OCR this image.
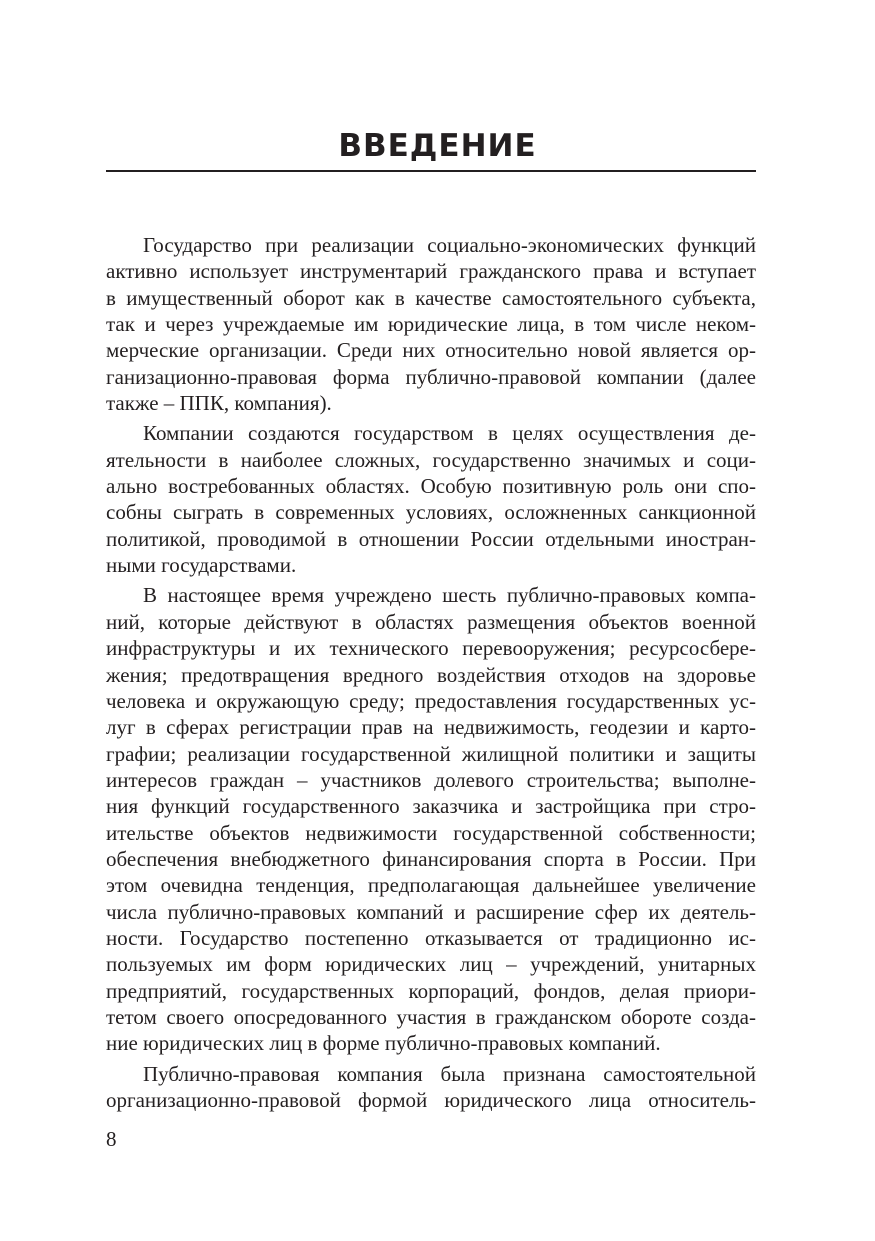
ВВЕДЕНИЕ

Государство при реализации социально-экономических функций
активно использует инструментарий гражданского права и вступает
в имущественный оборот как в качестве самостоятельного субъекта,
так и через учреждаемые им юридические лица, в том числе неком-
мерческие организации. Среди них относительно новой является ор-
ганизационно-правовая форма публично-правовой компании (далее
также – ППК, компания).

Компании создаются государством в целях осуществления де-
ятельности в наиболее сложных, государственно значимых и соци-
ально востребованных областях. Особую позитивную роль они спо-
собны сыграть в современных условиях, осложненных санкционной
политикой, проводимой в отношении России отдельными иностран-
ными государствами.

В настоящее время учреждено шесть публично-правовых компа-
ний, которые действуют в областях размещения объектов военной
инфраструктуры и их технического перевооружения; ресурсосбере-
жения; предотвращения вредного воздействия отходов на здоровье
человека и окружающую среду; предоставления государственных ус-
луг в сферах регистрации прав на недвижимость, геодезии и карто-
графии; реализации государственной жилищной политики и защиты
интересов граждан – участников долевого строительства; выполне-
ния функций государственного заказчика и застройщика при стро-
ительстве объектов недвижимости государственной собственности;
обеспечения внебюджетного финансирования спорта в России. При
этом очевидна тенденция, предполагающая дальнейшее увеличение
числа публично-правовых компаний и расширение сфер их деятель-
ности. Государство постепенно отказывается от традиционно ис-
пользуемых им форм юридических лиц – учреждений, унитарных
предприятий, государственных корпораций, фондов, делая приори-
тетом своего опосредованного участия в гражданском обороте созда-
ние юридических лиц в форме публично-правовых компаний.

Публично-правовая компания была признана самостоятельной
организационно-правовой формой юридического лица относитель-

8
